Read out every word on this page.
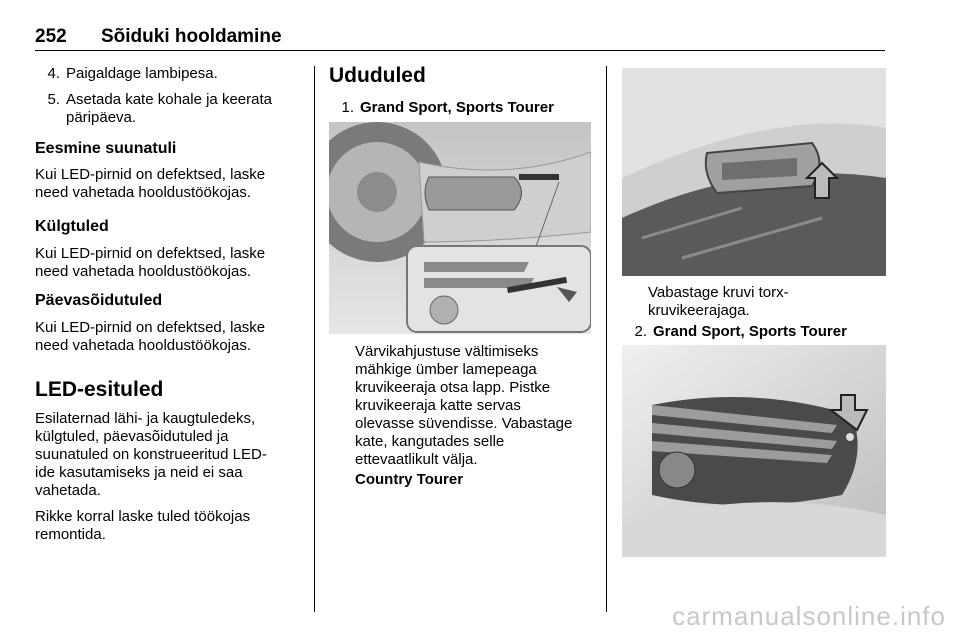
252 Sõiduki hooldamine
4. Paigaldage lambipesa.
5. Asetada kate kohale ja keerata
päripäeva.
Eesmine suunatuli
Kui LED-pirnid on defektsed, laske
need vahetada hooldustöökojas.
Külgtuled
Kui LED-pirnid on defektsed, laske
need vahetada hooldustöökojas.
Päevasõidutuled
Kui LED-pirnid on defektsed, laske
need vahetada hooldustöökojas.
LED-esituled
Esilaternad lähi- ja kaugtuledeks,
külgtuled, päevasõidutuled ja
suunatuled on konstrueeritud LED-
ide kasutamiseks ja neid ei saa
vahetada.
Rikke korral laske tuled töökojas
remontida.
Ududuled
1. Grand Sport, Sports Tourer
Värvikahjustuse vältimiseks
mähkige ümber lamepeaga
kruvikeeraja otsa lapp. Pistke
kruvikeeraja katte servas
olevasse süvendisse. Vabastage
kate, kangutades selle
ettevaatlikult välja.
Country Tourer
Vabastage kruvi torx-
kruvikeerajaga.
2. Grand Sport, Sports Tourer
carmanualsonline.info
